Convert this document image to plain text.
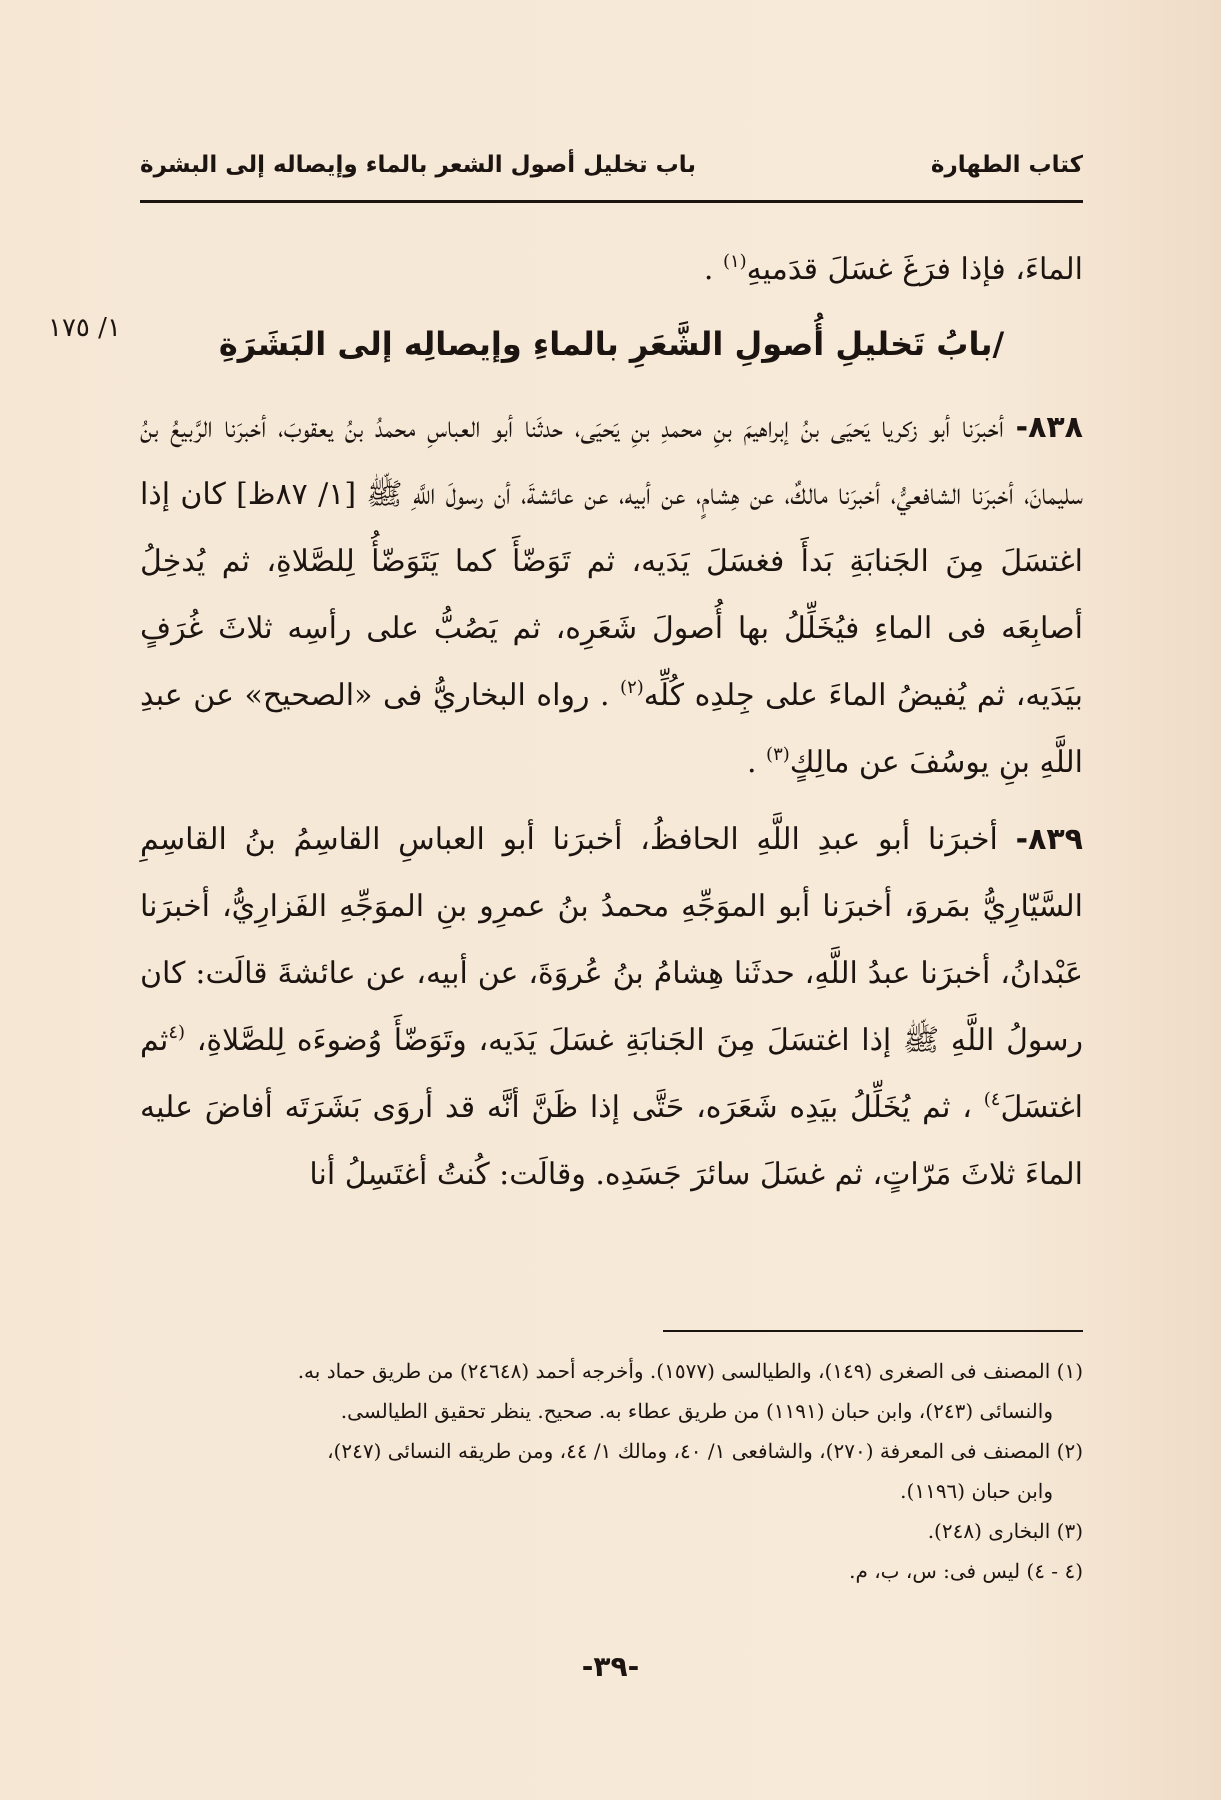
كتاب الطهارة
باب تخليل أصول الشعر بالماء وإيصاله إلى البشرة
١/ ١٧٥

الماءَ، فإذا فرَغَ غسَلَ قدَميهِ$^{(١)}$ .

/بابُ تَخليلِ أُصولِ الشَّعَرِ بالماءِ وإيصالِه إلى البَشَرَةِ

٨٣٨- أخبرَنا أبو زكريا يَحيَى بنُ إبراهيمَ بنِ محمدِ بنِ يَحيَى، حدثَنا أبو العباسِ محمدُ بنُ يعقوبَ، أخبرَنا الرَّبيعُ بنُ سليمانَ، أخبرَنا الشافعيُّ، أخبرَنا مالكٌ، عن هِشامٍ، عن أبيه، عن عائشةَ، أن رسولَ اللَّهِ ﷺ [١/ ٨٧ظ] كان إذا اغتسَلَ مِنَ الجَنابَةِ بَدأَ فغسَلَ يَدَيه، ثم تَوَضّأَ كما يَتَوَضّأُ لِلصَّلاةِ، ثم يُدخِلُ أصابِعَه فى الماءِ فيُخَلِّلُ بها أُصولَ شَعَرِه، ثم يَصُبُّ على رأسِه ثلاثَ غُرَفٍ بيَدَيه، ثم يُفيضُ الماءَ على جِلدِه كُلِّه$^{(٢)}$ . رواه البخاريُّ فى «الصحيح» عن عبدِ اللَّهِ بنِ يوسُفَ عن مالِكٍ$^{(٣)}$ .

٨٣٩- أخبرَنا أبو عبدِ اللَّهِ الحافظُ، أخبرَنا أبو العباسِ القاسِمُ بنُ القاسِمِ السَّيّارِيُّ بمَروَ، أخبرَنا أبو الموَجِّهِ محمدُ بنُ عمرِو بنِ الموَجِّهِ الفَزارِيُّ، أخبرَنا عَبْدانُ، أخبرَنا عبدُ اللَّهِ، حدثَنا هِشامُ بنُ عُروَةَ، عن أبيه، عن عائشةَ قالَت: كان رسولُ اللَّهِ ﷺ إذا اغتسَلَ مِنَ الجَنابَةِ غسَلَ يَدَيه، وتَوَضّأَ وُضوءَه لِلصَّلاةِ، $^{(٤}$ثم اغتسَلَ$^{٤)}$ ، ثم يُخَلِّلُ بيَدِه شَعَرَه، حَتَّى إذا ظَنَّ أنَّه قد أروَى بَشَرَتَه أفاضَ عليه الماءَ ثلاثَ مَرّاتٍ، ثم غسَلَ سائرَ جَسَدِه. وقالَت: كُنتُ أغتَسِلُ أنا

(١) المصنف فى الصغرى (١٤٩)، والطيالسى (١٥٧٧). وأخرجه أحمد (٢٤٦٤٨) من طريق حماد به.

والنسائى (٢٤٣)، وابن حبان (١١٩١) من طريق عطاء به. صحيح. ينظر تحقيق الطيالسى.

(٢) المصنف فى المعرفة (٢٧٠)، والشافعى ١/ ٤٠، ومالك ١/ ٤٤، ومن طريقه النسائى (٢٤٧)،

وابن حبان (١١٩٦).

(٣) البخارى (٢٤٨).

(٤ - ٤) ليس فى: س، ب، م.

-٣٩-
